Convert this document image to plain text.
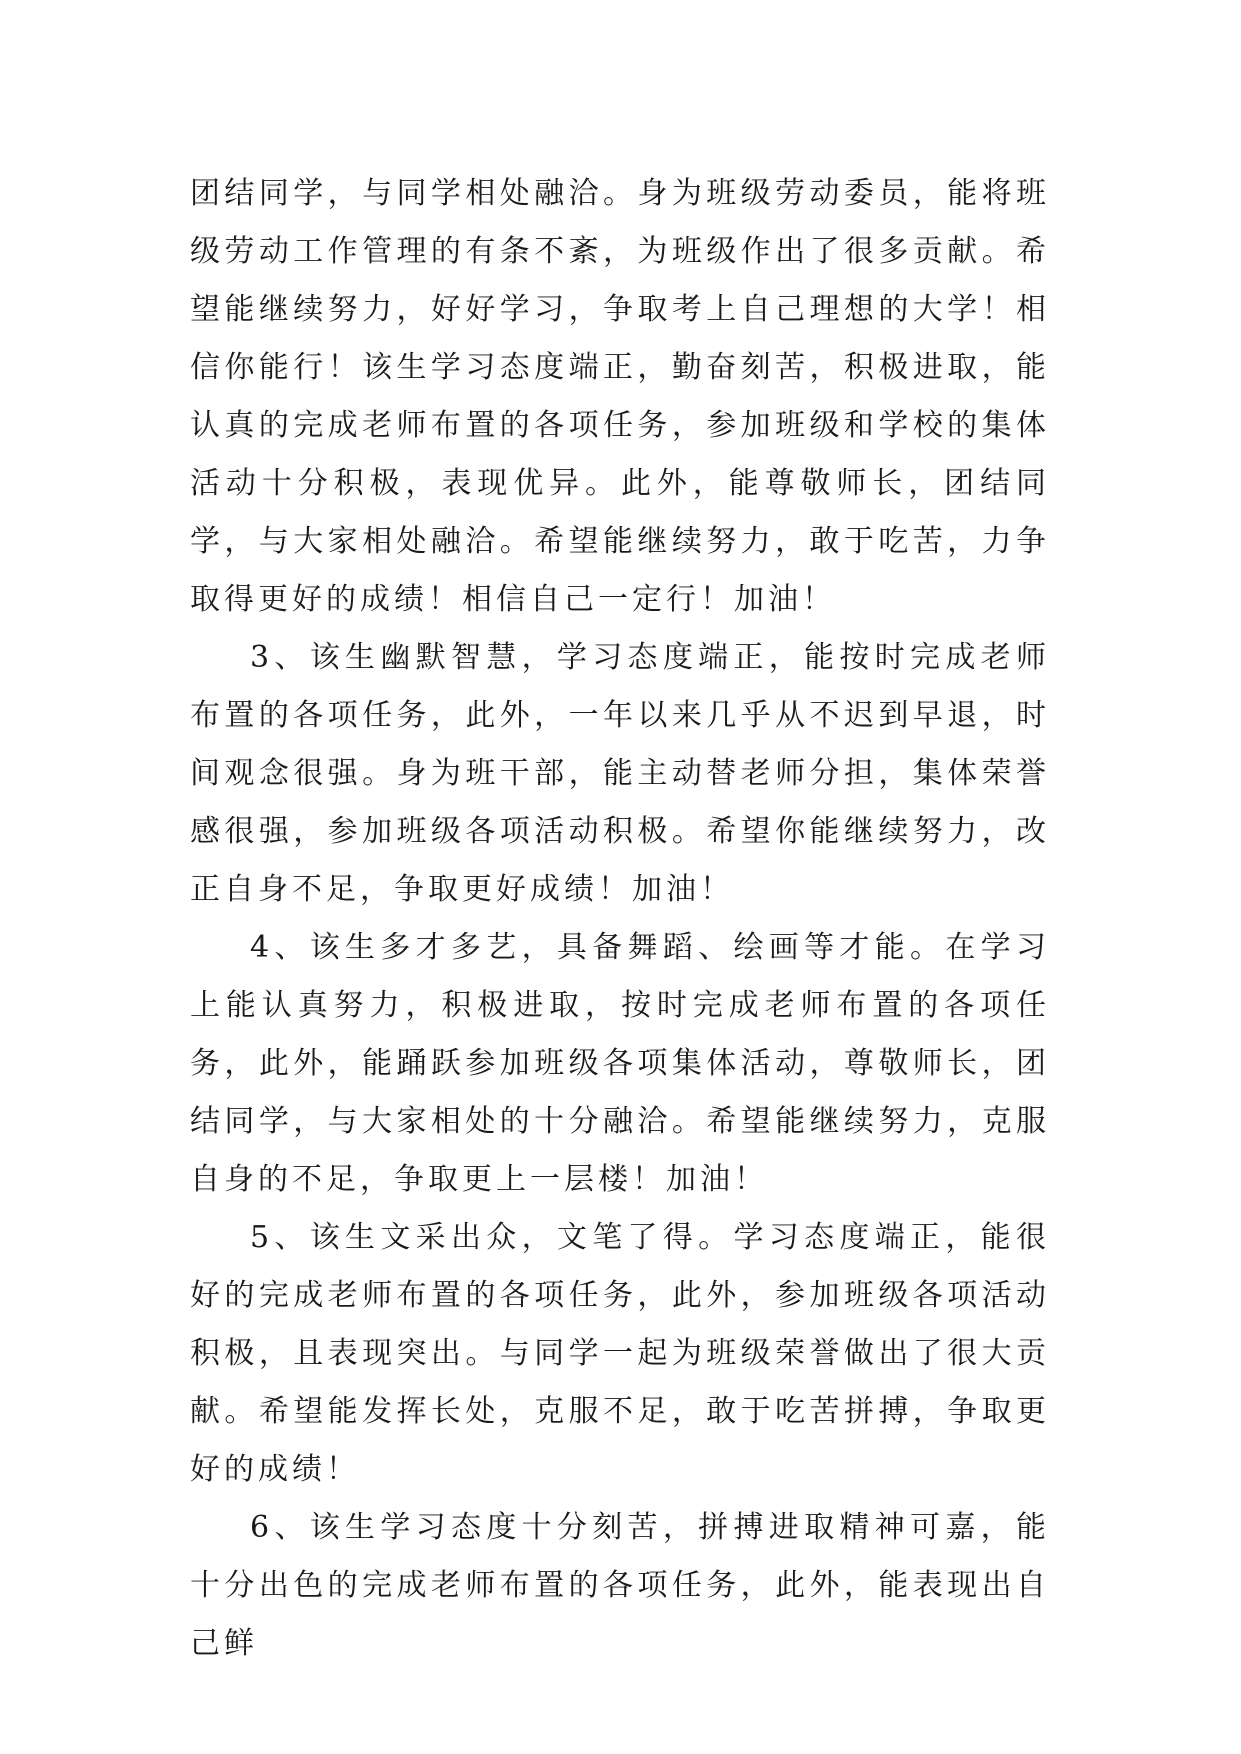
团结同学，与同学相处融洽。身为班级劳动委员，能将班级劳动工作管理的有条不紊，为班级作出了很多贡献。希望能继续努力，好好学习，争取考上自己理想的大学！相信你能行！该生学习态度端正，勤奋刻苦，积极进取，能认真的完成老师布置的各项任务，参加班级和学校的集体活动十分积极，表现优异。此外，能尊敬师长，团结同学，与大家相处融洽。希望能继续努力，敢于吃苦，力争取得更好的成绩！相信自己一定行！加油！

3、该生幽默智慧，学习态度端正，能按时完成老师布置的各项任务，此外，一年以来几乎从不迟到早退，时间观念很强。身为班干部，能主动替老师分担，集体荣誉感很强，参加班级各项活动积极。希望你能继续努力，改正自身不足，争取更好成绩！加油！

4、该生多才多艺，具备舞蹈、绘画等才能。在学习上能认真努力，积极进取，按时完成老师布置的各项任务，此外，能踊跃参加班级各项集体活动，尊敬师长，团结同学，与大家相处的十分融洽。希望能继续努力，克服自身的不足，争取更上一层楼！加油！

5、该生文采出众，文笔了得。学习态度端正，能很好的完成老师布置的各项任务，此外，参加班级各项活动积极，且表现突出。与同学一起为班级荣誉做出了很大贡献。希望能发挥长处，克服不足，敢于吃苦拼搏，争取更好的成绩！

6、该生学习态度十分刻苦，拼搏进取精神可嘉，能十分出色的完成老师布置的各项任务，此外，能表现出自己鲜
